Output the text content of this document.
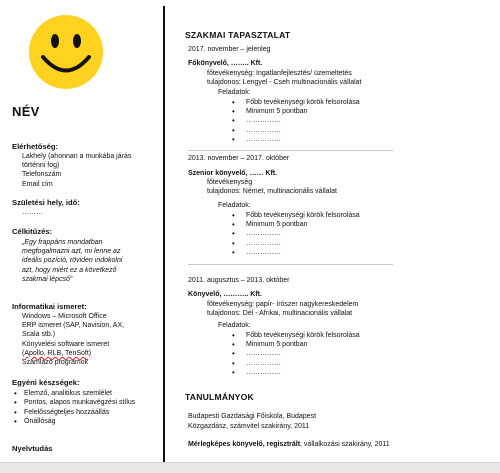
NÉV
Elérhetőség:
Lakhely (ahonnan a munkába járás
történni fog)
Telefonszám
Email cím
Születési hely, idő:
………
Célkitűzés:
„Egy frappáns mondatban
megfogalmazni azt, mi lenne az
ideális pozíció, röviden indokolni
azt, hogy miért ez a következő
szakmai lépcső”
Informatikai ismeret:
Windows – Microsoft Office
ERP ismeret (SAP, Navision, AX,
Scala stb.)
Könyvelési software ismeret
(Apollo, RLB, TenSoft)
Számlázó programok
Egyéni készségek:
• Elemző, analitikus szemlélet
• Pontos, alapos munkavégzési stílus
• Felelősségteljes hozzáállás
• Önállóság
Nyelvtudás
SZAKMAI TAPASZTALAT
2017. november – jelenleg
Főkönyvelő, …….. Kft.
főtevékenység: Ingatlanfejlesztés/ üzemeltetés
tulajdonos: Lengyel - Cseh multinacionális vállalat
Feladatok:
• Főbb tevékenységi körök felsorolása
• Minimum 5 pontban
• ……………
• ……………
• ……………
2013. november – 2017. október
Szenior könyvelő, …… Kft.
főtevékenység
tulajdonos: Német, multinacionális vállalat
Feladatok:
• Főbb tevékenységi körök felsorolása
• Minimum 5 pontban
• ……………
• ……………
• ……………
2011. augusztus – 2013. október
Könyvelő, ……….. Kft.
főtevékenység: papír- írószer nagykereskedelem
tulajdonos: Dél - Afrikai, multinacionális vállalat
Feladatok:
• Főbb tevékenységi körök felsorolása
• Minimum 5 pontban
• ……………
• ……………
• ……………
TANULMÁNYOK
Budapesti Gazdasági Főiskola, Budapest
Közgazdász, számvitel szakirány, 2011
Mérlegképes könyvelő, regisztrált, vállalkozási szakirány, 2011
